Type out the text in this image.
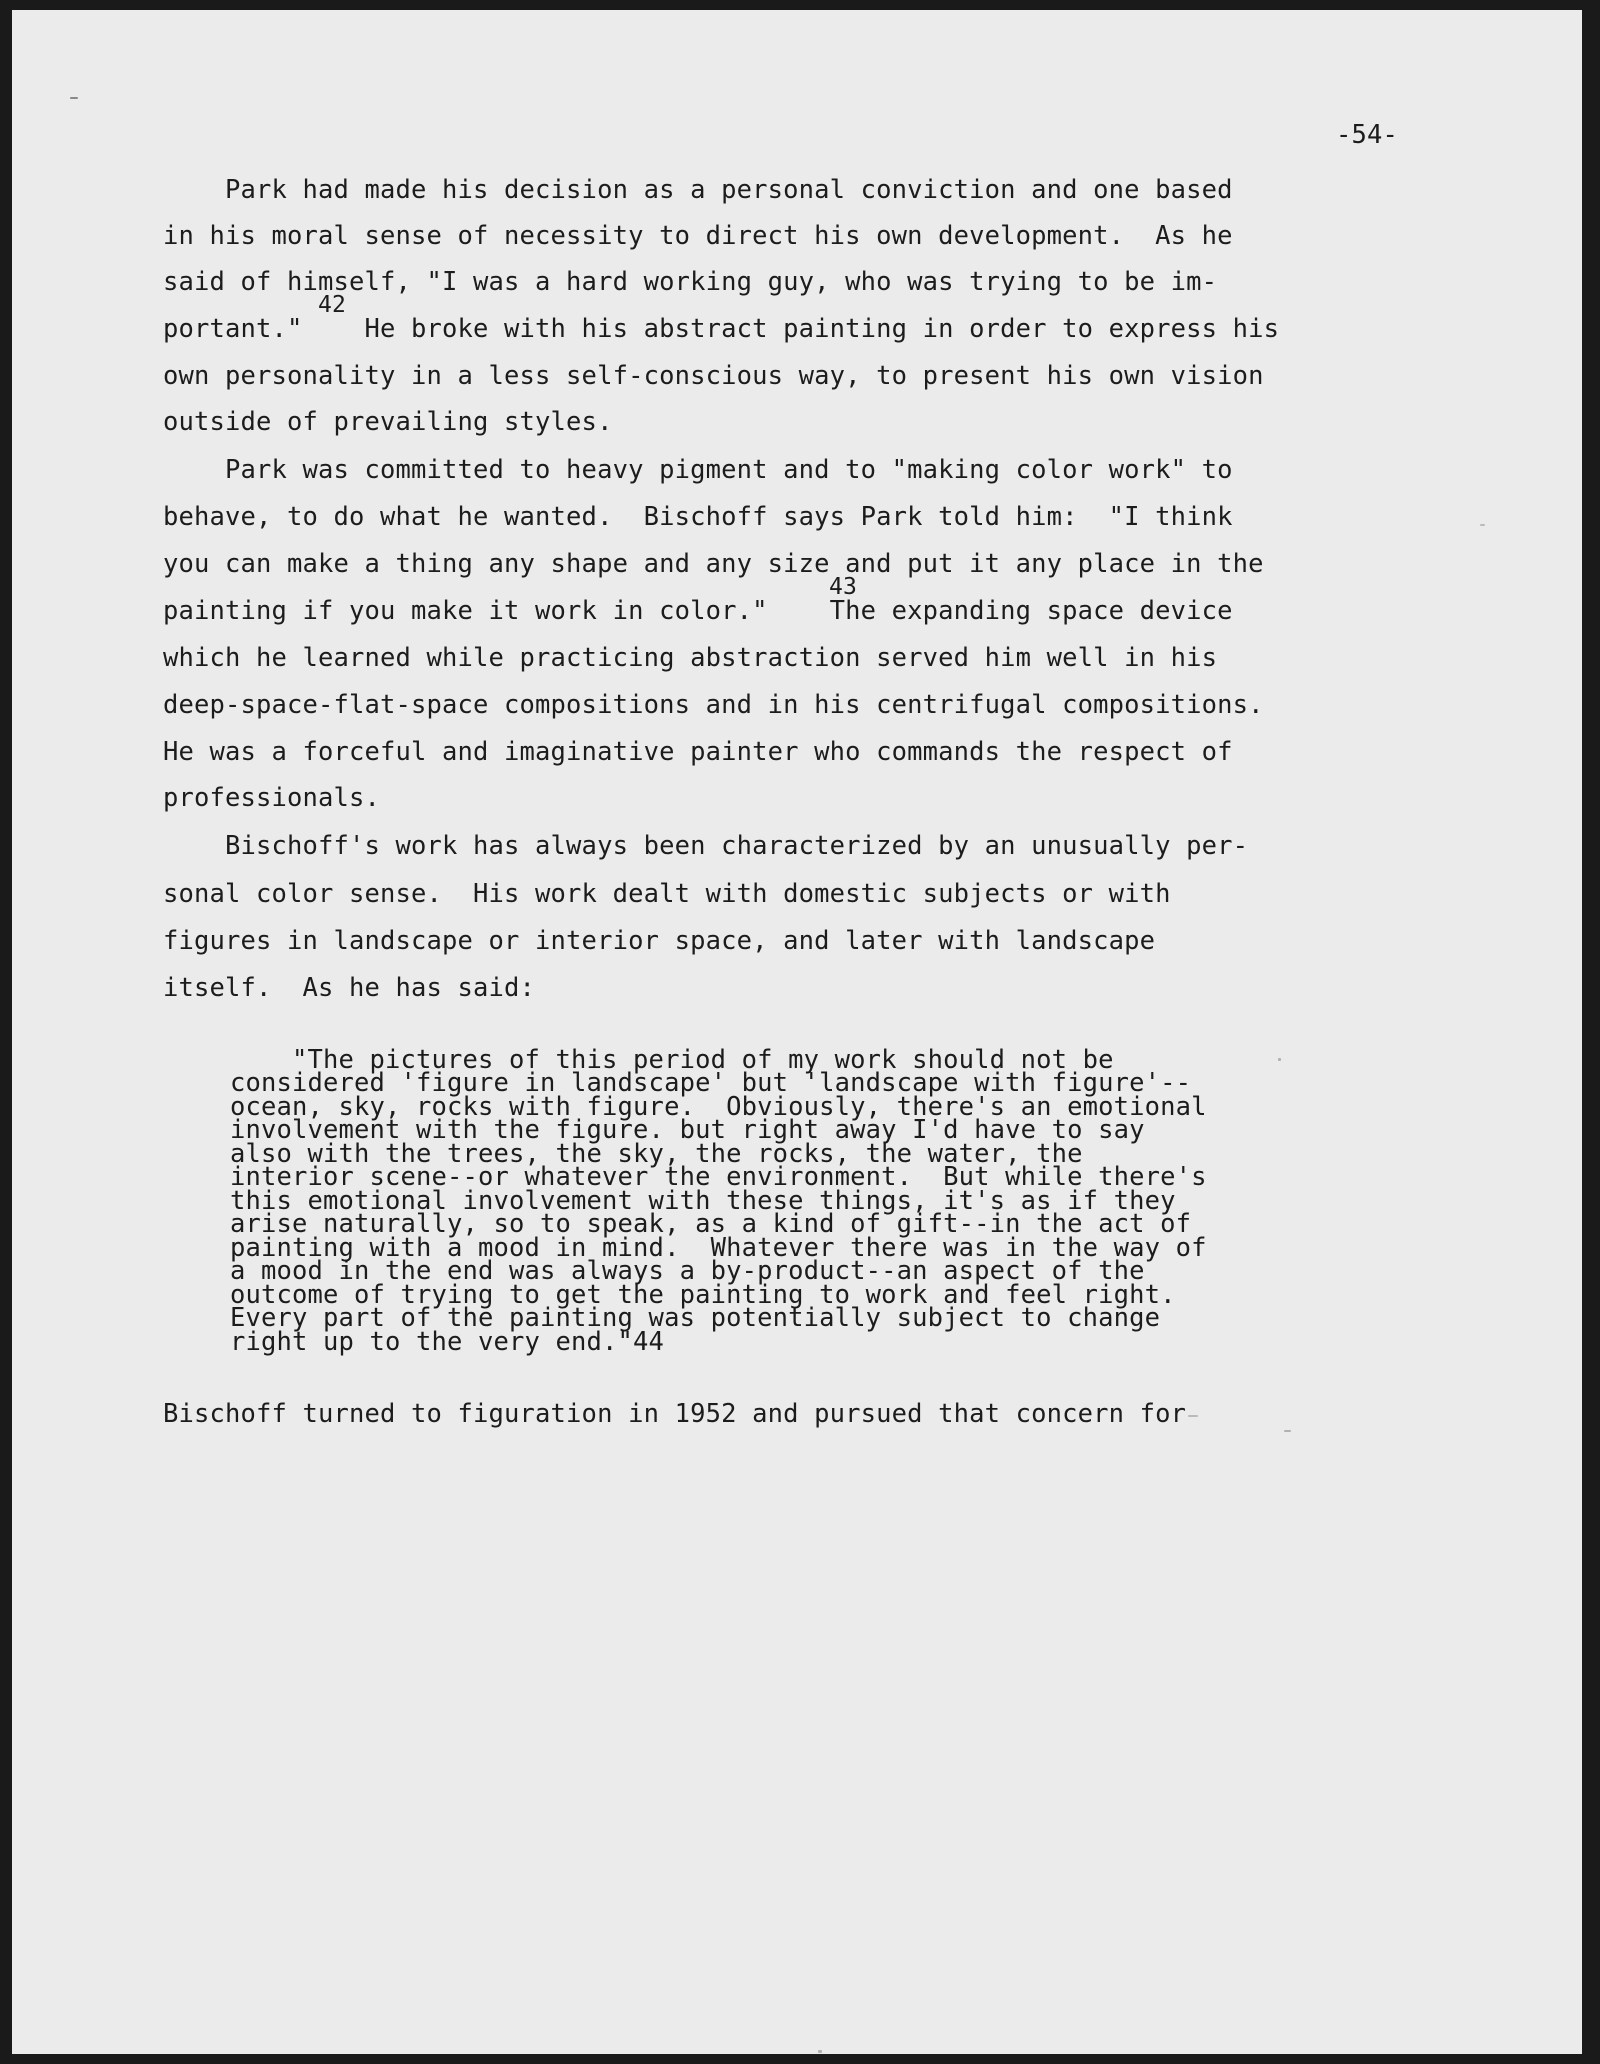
-54-
Park had made his decision as a personal conviction and one based
in his moral sense of necessity to direct his own development.  As he
said of himself, "I was a hard working guy, who was trying to be im-
42
portant."    He broke with his abstract painting in order to express his
own personality in a less self-conscious way, to present his own vision
outside of prevailing styles.
Park was committed to heavy pigment and to "making color work" to
behave, to do what he wanted.  Bischoff says Park told him:  "I think
you can make a thing any shape and any size and put it any place in the
43
painting if you make it work in color."    The expanding space device
which he learned while practicing abstraction served him well in his
deep-space-flat-space compositions and in his centrifugal compositions.
He was a forceful and imaginative painter who commands the respect of
professionals.
Bischoff's work has always been characterized by an unusually per-
sonal color sense.  His work dealt with domestic subjects or with
figures in landscape or interior space, and later with landscape
itself.  As he has said:
"The pictures of this period of my work should not be
considered 'figure in landscape' but 'landscape with figure'--
ocean, sky, rocks with figure.  Obviously, there's an emotional
involvement with the figure. but right away I'd have to say
also with the trees, the sky, the rocks, the water, the
interior scene--or whatever the environment.  But while there's
this emotional involvement with these things, it's as if they
arise naturally, so to speak, as a kind of gift--in the act of
painting with a mood in mind.  Whatever there was in the way of
a mood in the end was always a by-product--an aspect of the
outcome of trying to get the painting to work and feel right.
Every part of the painting was potentially subject to change
right up to the very end."44
Bischoff turned to figuration in 1952 and pursued that concern for
